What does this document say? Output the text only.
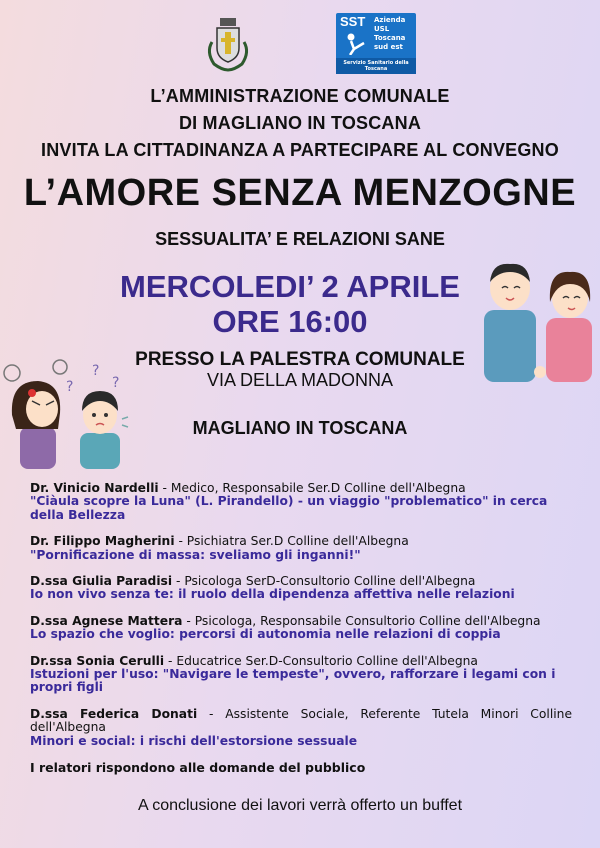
SST Azienda
USL
Toscana
sud est
Servizio Sanitario della Toscana
L’AMMINISTRAZIONE COMUNALE
DI MAGLIANO IN TOSCANA
INVITA LA CITTADINANZA A PARTECIPARE AL CONVEGNO
L’AMORE SENZA MENZOGNE
SESSUALITA’ E RELAZIONI SANE
MERCOLEDI’ 2 APRILE
ORE 16:00
PRESSO LA PALESTRA COMUNALE
VIA DELLA MADONNA
MAGLIANO IN TOSCANA
?
?
?
Dr. Vinicio Nardelli - Medico, Responsabile Ser.D Colline dell'Albegna
"Ciàula scopre la Luna" (L. Pirandello) - un viaggio "problematico" in cerca della Bellezza
Dr. Filippo Magherini - Psichiatra Ser.D Colline dell'Albegna
"Pornificazione di massa: sveliamo gli inganni!"
D.ssa Giulia Paradisi - Psicologa SerD-Consultorio Colline dell'Albegna
Io non vivo senza te: il ruolo della dipendenza affettiva nelle relazioni
D.ssa Agnese Mattera - Psicologa, Responsabile Consultorio Colline dell'Albegna
Lo spazio che voglio: percorsi di autonomia nelle relazioni di coppia
Dr.ssa Sonia Cerulli - Educatrice Ser.D-Consultorio Colline dell'Albegna
Istuzioni per l'uso: "Navigare le tempeste", ovvero, rafforzare i legami con i propri figli
D.ssa Federica Donati - Assistente Sociale, Referente Tutela Minori Colline dell'Albegna
Minori e social: i rischi dell'estorsione sessuale
I relatori rispondono alle domande del pubblico
A conclusione dei lavori verrà offerto un buffet
